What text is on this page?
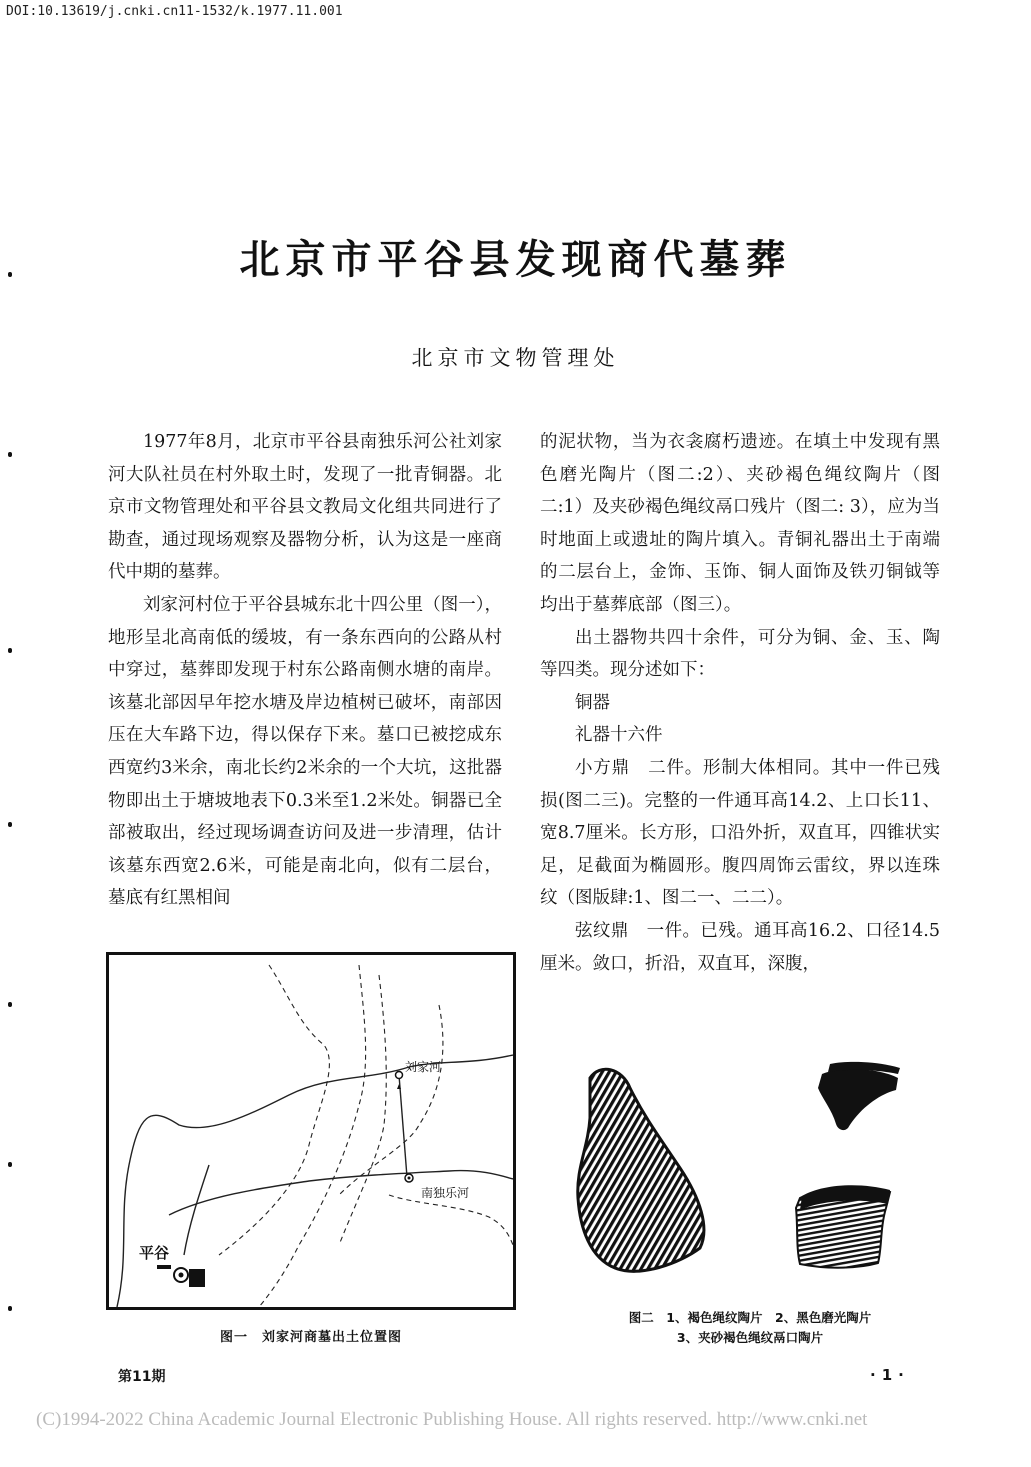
DOI:10.13619/j.cnki.cn11-1532/k.1977.11.001
北京市平谷县发现商代墓葬
北京市文物管理处

1977年8月，北京市平谷县南独乐河公社刘家河大队社员在村外取土时，发现了一批青铜器。北京市文物管理处和平谷县文教局文化组共同进行了勘查，通过现场观察及器物分析，认为这是一座商代中期的墓葬。

刘家河村位于平谷县城东北十四公里（图一），地形呈北高南低的缓坡，有一条东西向的公路从村中穿过，墓葬即发现于村东公路南侧水塘的南岸。该墓北部因早年挖水塘及岸边植树已破坏，南部因压在大车路下边，得以保存下来。墓口已被挖成东西宽约3米余，南北长约2米余的一个大坑，这批器物即出土于塘坡地表下0.3米至1.2米处。铜器已全部被取出，经过现场调查访问及进一步清理，估计该墓东西宽2.6米，可能是南北向，似有二层台，墓底有红黑相间

的泥状物，当为衣衾腐朽遗迹。在填土中发现有黑色磨光陶片（图二:2）、夹砂褐色绳纹陶片（图二:1）及夹砂褐色绳纹鬲口残片（图二: 3），应为当时地面上或遗址的陶片填入。青铜礼器出土于南端的二层台上，金饰、玉饰、铜人面饰及铁刃铜钺等均出于墓葬底部（图三）。

出土器物共四十余件，可分为铜、金、玉、陶等四类。现分述如下：

铜器

礼器十六件

小方鼎　二件。形制大体相同。其中一件已残损(图二三)。完整的一件通耳高14.2、上口长11、宽8.7厘米。长方形，口沿外折，双直耳，四锥状实足，足截面为椭圆形。腹四周饰云雷纹，界以连珠纹（图版肆:1、图二一、二二）。

弦纹鼎　一件。已残。通耳高16.2、口径14.5厘米。敛口，折沿，双直耳，深腹，

刘家河
南独乐河
平谷
图一　刘家河商墓出土位置图
图二　1、褐色绳纹陶片　2、黑色磨光陶片
3、夹砂褐色绳纹鬲口陶片
第11期	·1·
(C)1994-2022 China Academic Journal Electronic Publishing House. All rights reserved. http://www.cnki.net
